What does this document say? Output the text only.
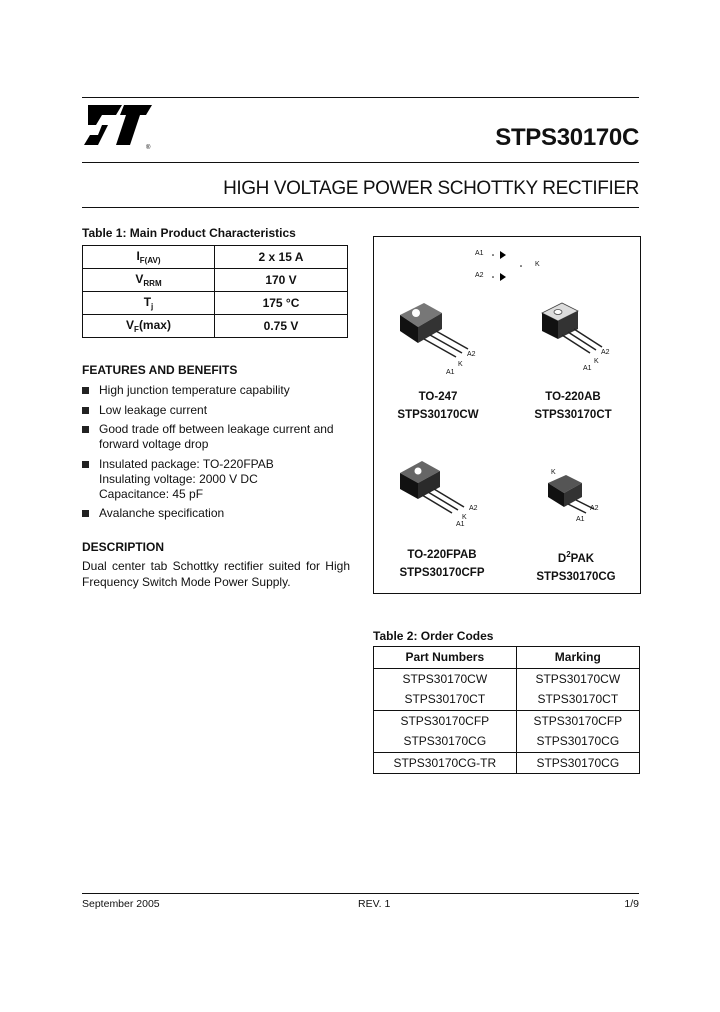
®	STPS30170C
HIGH VOLTAGE POWER SCHOTTKY RECTIFIER
Table 1: Main Product Characteristics
$I_{F(AV)}$	2 x 15 A
$V_{RRM}$	170 V
$T_j$	175 °C
$V_F(\max)$	0.75 V
FEATURES AND BENEFITS
High junction temperature capability
Low leakage current
Good trade off between leakage current and
forward voltage drop
Insulated package: TO-220FPAB
Insulating voltage: 2000 V DC
Capacitance: 45 pF
Avalanche specification
DESCRIPTION
Dual center tab Schottky rectifier suited for High Frequency Switch Mode Power Supply.
A1
A2
K
A2
K
A1
A2
K
A1
TO-247
STPS30170CW
TO-220AB
STPS30170CT
A2
K
A1
K
A2
A1
TO-220FPAB
STPS30170CFP
$D^2PAK$
STPS30170CG
Table 2: Order Codes
Part Numbers	Marking
STPS30170CW	STPS30170CW
STPS30170CT	STPS30170CT
STPS30170CFP	STPS30170CFP
STPS30170CG	STPS30170CG
STPS30170CG-TR	STPS30170CG
September 2005	REV. 1	1/9
